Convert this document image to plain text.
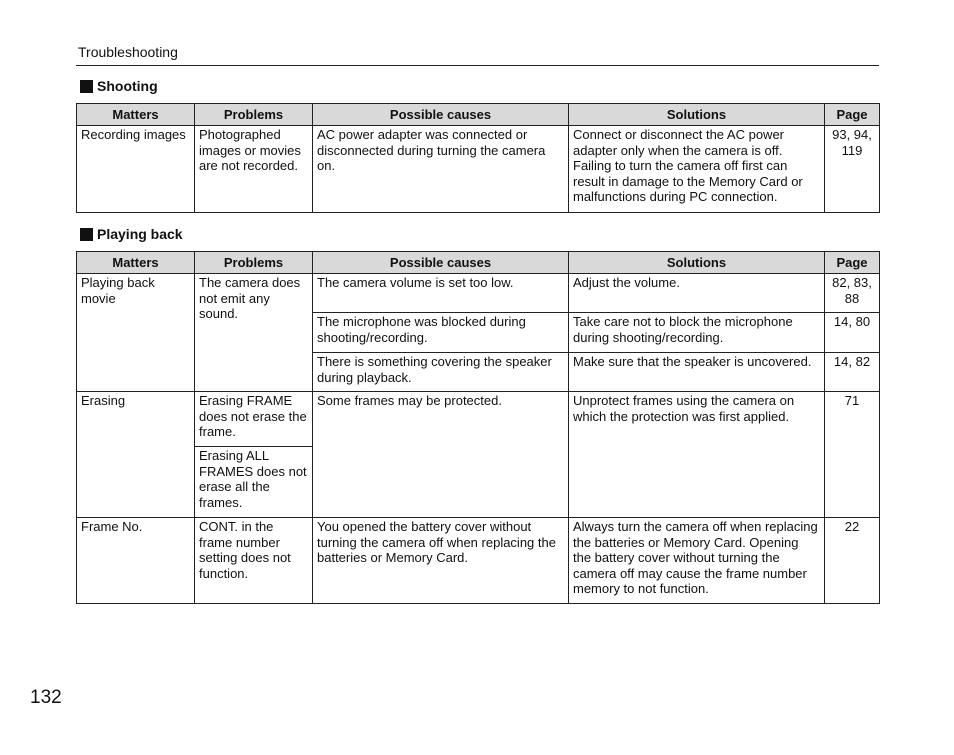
Troubleshooting
Shooting
Matters	Problems	Possible causes	Solutions	Page
Recording images	Photographed images or movies are not recorded.	AC power adapter was connected or disconnected during turning the camera on.	Connect or disconnect the AC power adapter only when the camera is off. Failing to turn the camera off first can result in damage to the Memory Card or malfunctions during PC connection.	93, 94, 119
Playing back
Matters	Problems	Possible causes	Solutions	Page
Playing back movie	The camera does not emit any sound.	The camera volume is set too low.	Adjust the volume.	82, 83, 88
		The microphone was blocked during shooting/recording.	Take care not to block the microphone during shooting/recording.	14, 80
		There is something covering the speaker during playback.	Make sure that the speaker is uncovered.	14, 82
Erasing	Erasing FRAME does not erase the frame.	Some frames may be protected.	Unprotect frames using the camera on which the protection was first applied.	71
	Erasing ALL FRAMES does not erase all the frames.			
Frame No.	CONT. in the frame number setting does not function.	You opened the battery cover without turning the camera off when replacing the batteries or Memory Card.	Always turn the camera off when replacing the batteries or Memory Card. Opening the battery cover without turning the camera off may cause the frame number memory to not function.	22
132
